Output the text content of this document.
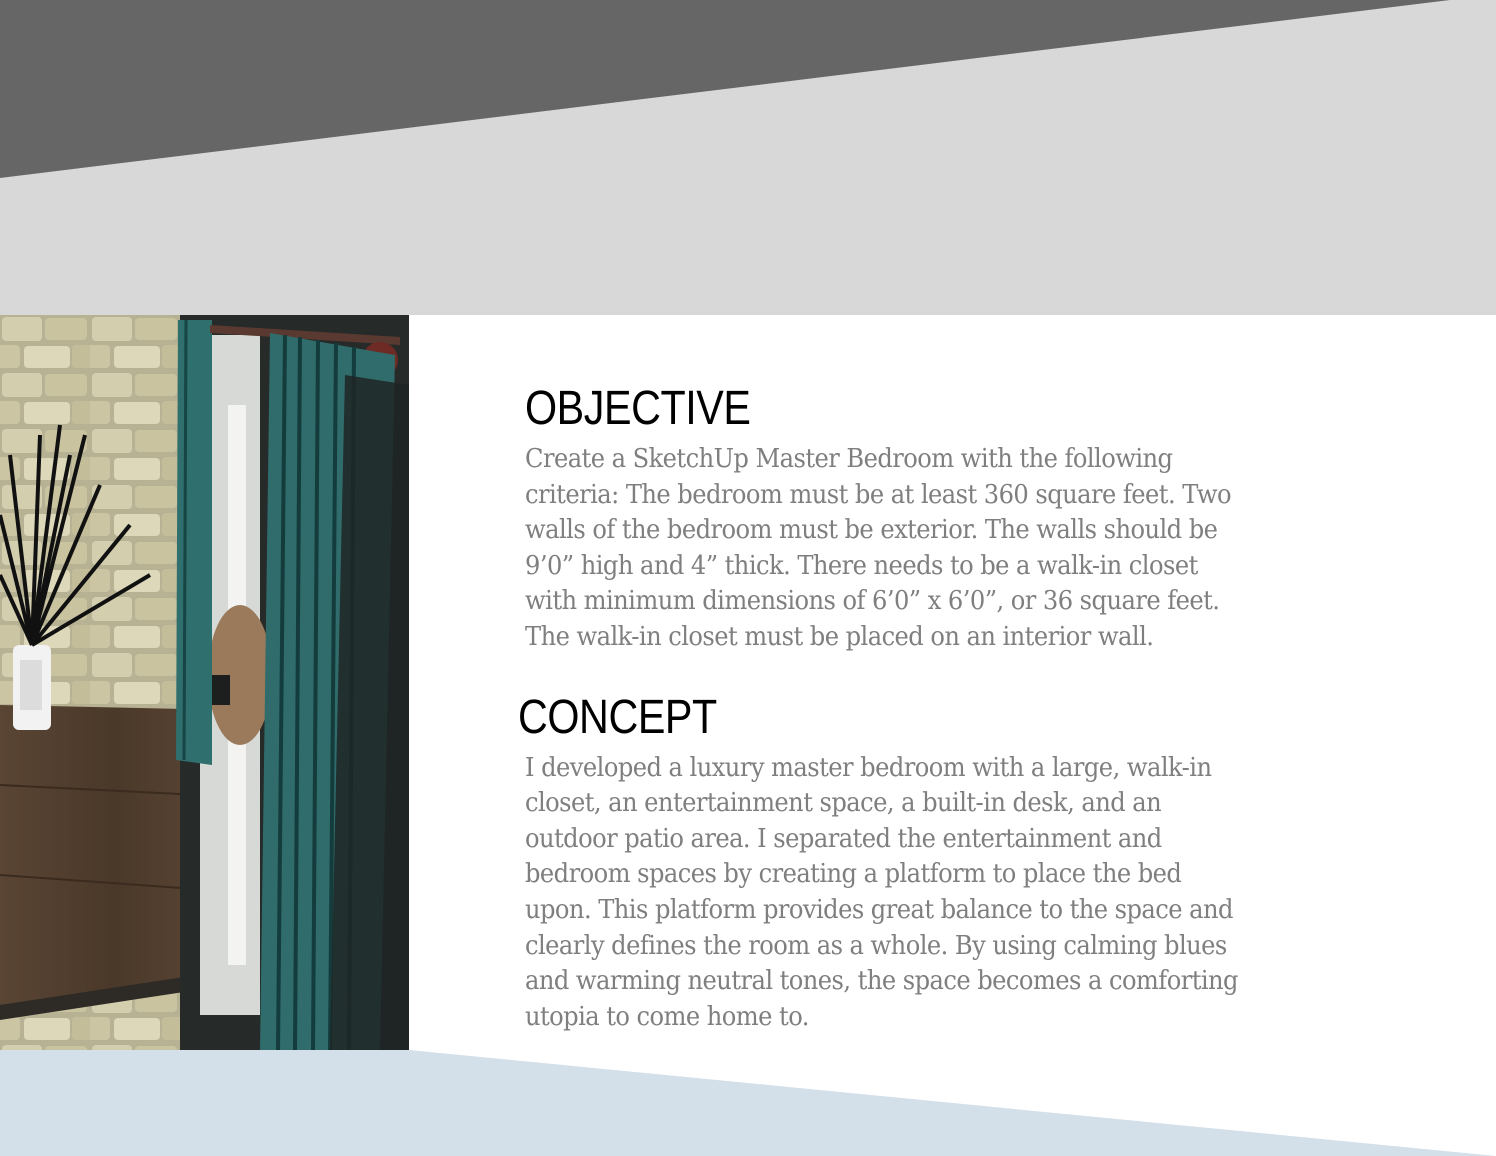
OBJECTIVE
Create a SketchUp Master Bedroom with the following
criteria: The bedroom must be at least 360 square feet. Two
walls of the bedroom must be exterior. The walls should be
9’0” high and 4” thick. There needs to be a walk-in closet
with minimum dimensions of 6’0” x 6’0”, or 36 square feet.
The walk-in closet must be placed on an interior wall.
CONCEPT
I developed a luxury master bedroom with a large, walk-in
closet, an entertainment space, a built-in desk, and an
outdoor patio area. I separated the entertainment and
bedroom spaces by creating a platform to place the bed
upon. This platform provides great balance to the space and
clearly defines the room as a whole. By using calming blues
and warming neutral tones, the space becomes a comforting
utopia to come home to.
